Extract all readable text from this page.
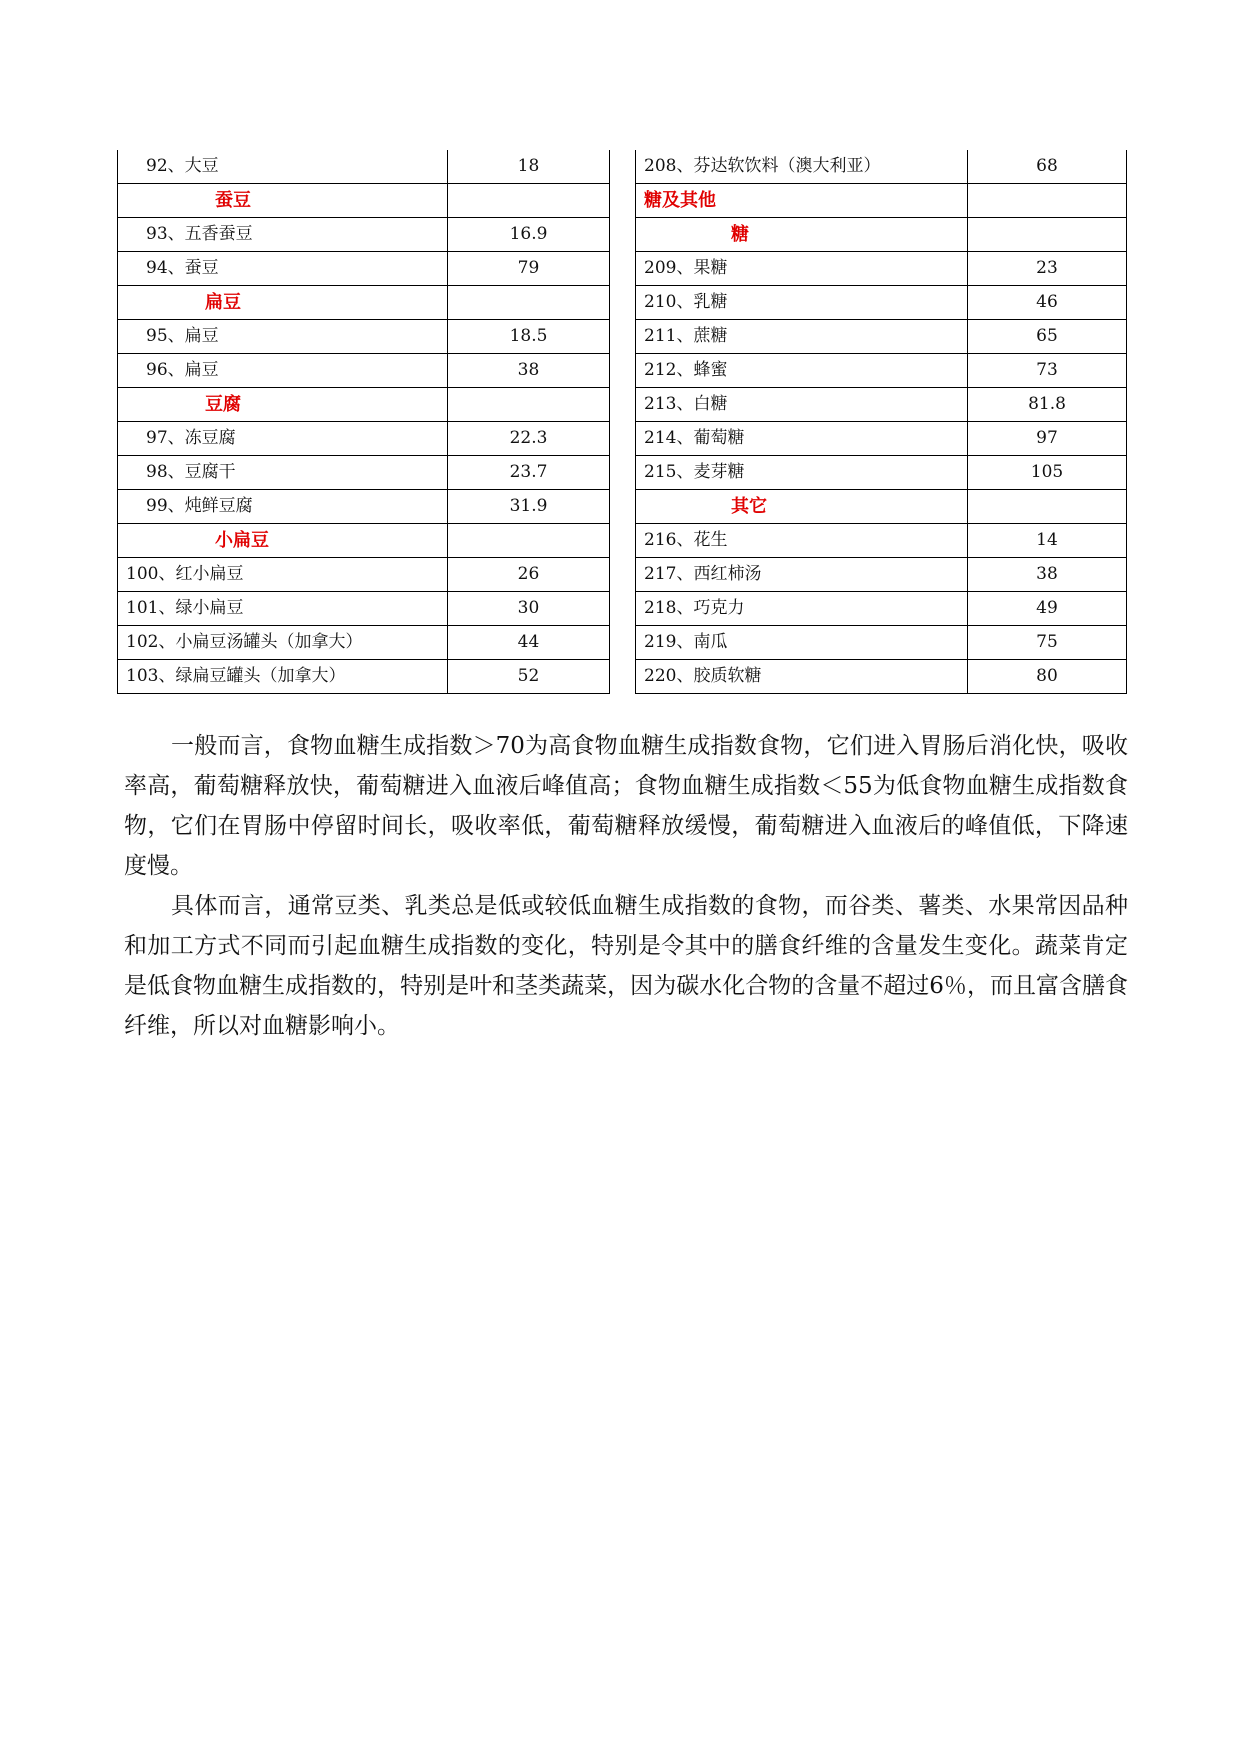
92、大豆	18
蚕豆	
93、五香蚕豆	16.9
94、蚕豆	79
扁豆	
95、扁豆	18.5
96、扁豆	38
豆腐	
97、冻豆腐	22.3
98、豆腐干	23.7
99、炖鲜豆腐	31.9
小扁豆	
100、红小扁豆	26
101、绿小扁豆	30
102、小扁豆汤罐头（加拿大）	44
103、绿扁豆罐头（加拿大）	52
208、芬达软饮料（澳大利亚）	68
糖及其他	
糖	
209、果糖	23
210、乳糖	46
211、蔗糖	65
212、蜂蜜	73
213、白糖	81.8
214、葡萄糖	97
215、麦芽糖	105
其它	
216、花生	14
217、西红柿汤	38
218、巧克力	49
219、南瓜	75
220、胶质软糖	80

一般而言，食物血糖生成指数＞70为高食物血糖生成指数食物，它们进入胃肠后消化快，吸收率高，葡萄糖释放快，葡萄糖进入血液后峰值高；食物血糖生成指数＜55为低食物血糖生成指数食物，它们在胃肠中停留时间长，吸收率低，葡萄糖释放缓慢，葡萄糖进入血液后的峰值低，下降速度慢。

具体而言，通常豆类、乳类总是低或较低血糖生成指数的食物，而谷类、薯类、水果常因品种和加工方式不同而引起血糖生成指数的变化，特别是令其中的膳食纤维的含量发生变化。蔬菜肯定是低食物血糖生成指数的，特别是叶和茎类蔬菜，因为碳水化合物的含量不超过6％，而且富含膳食纤维，所以对血糖影响小。
